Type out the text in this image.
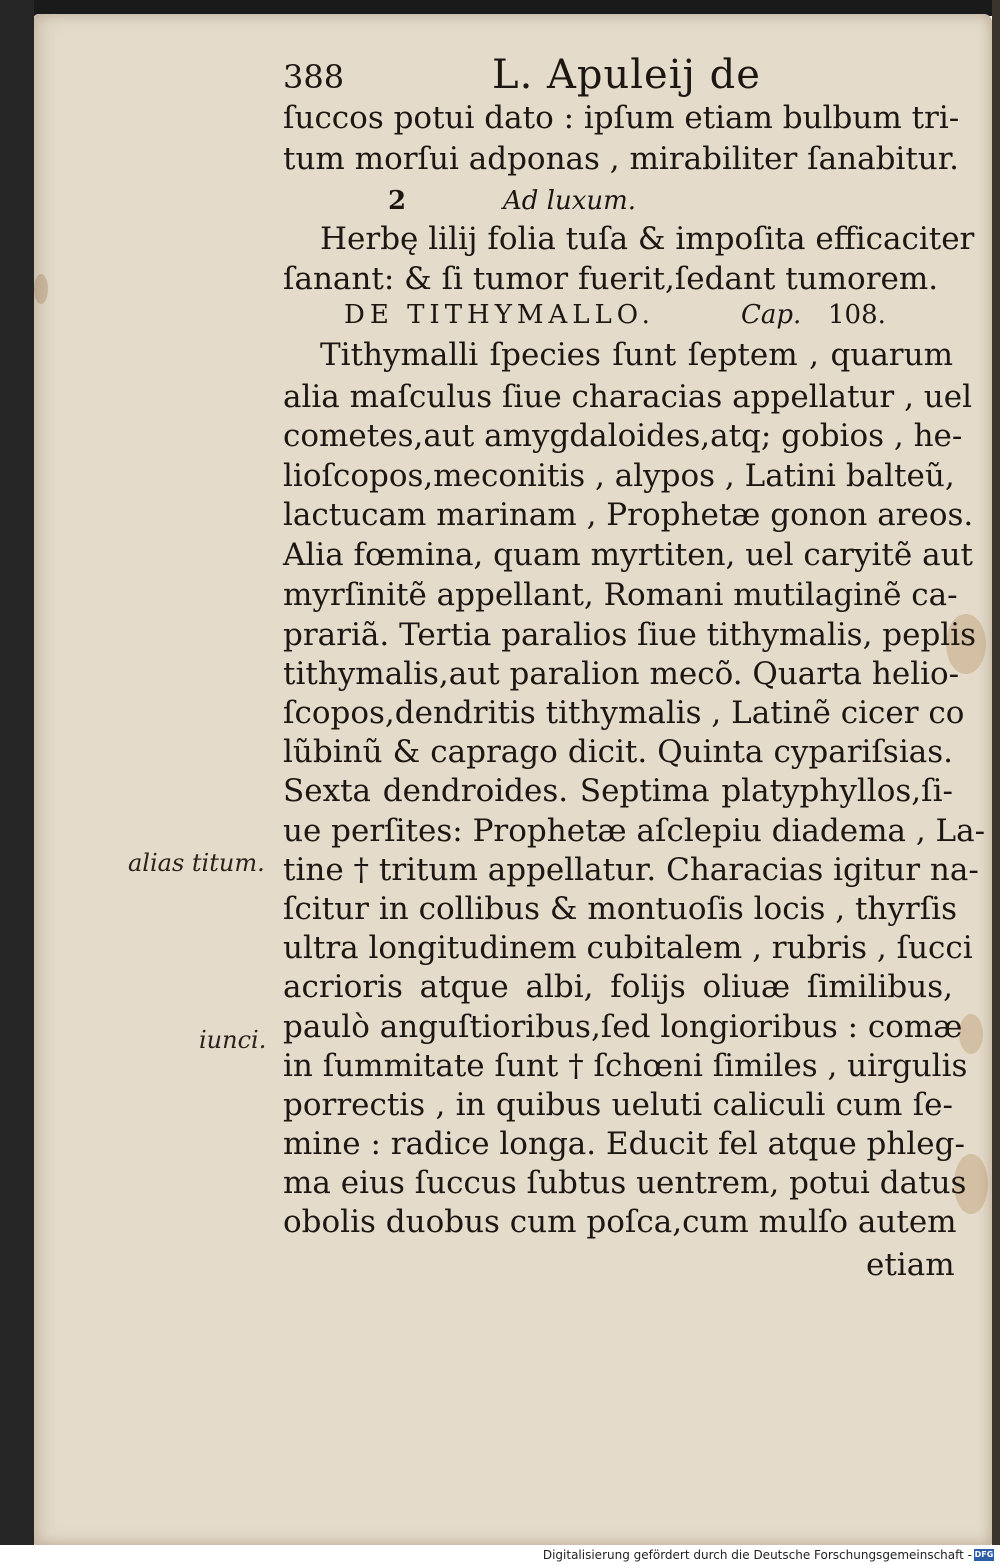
388	L. Apuleij de
ſuccos potui dato : ipſum etiam bulbum tri-
tum morſui adponas , mirabiliter ſanabitur.
2	Ad luxum.
Herbę lilij folia tuſa & impoſita efficaciter
ſanant: & ſi tumor fuerit,ſedant tumorem.
DE TITHYMALLO.	Cap. 108.
Tithymalli ſpecies ſunt ſeptem , quarum
alia maſculus ſiue characias appellatur , uel
cometes,aut amygdaloides,atq; gobios , he-
lioſcopos,meconitis , alypos , Latini balteũ,
lactucam marinam , Prophetæ gonon areos.
Alia fœmina, quam myrtiten, uel caryitẽ aut
myrſinitẽ appellant, Romani mutilaginẽ ca-
prariã. Tertia paralios ſiue tithymalis, peplis
tithymalis,aut paralion mecõ. Quarta helio-
ſcopos,dendritis tithymalis , Latinẽ cicer co
lũbinũ & caprago dicit. Quinta cypariſsias.
Sexta dendroides. Septima platyphyllos,ſi-
ue perſites: Prophetæ aſclepiu diadema , La-
tine † tritum appellatur. Characias igitur na-
ſcitur in collibus & montuoſis locis , thyrſis
ultra longitudinem cubitalem , rubris , ſucci
acrioris atque albi, folijs oliuæ ſimilibus,
paulò anguſtioribus,ſed longioribus : comæ
in ſummitate ſunt † ſchœni ſimiles , uirgulis
porrectis , in quibus ueluti caliculi cum ſe-
mine : radice longa. Educit fel atque phleg-
ma eius ſuccus ſubtus uentrem, potui datus
obolis duobus cum poſca,cum mulſo autem
etiam
alias titum.
iunci.
Digitalisierung gefördert durch die Deutsche Forschungsgemeinschaft - DFG
